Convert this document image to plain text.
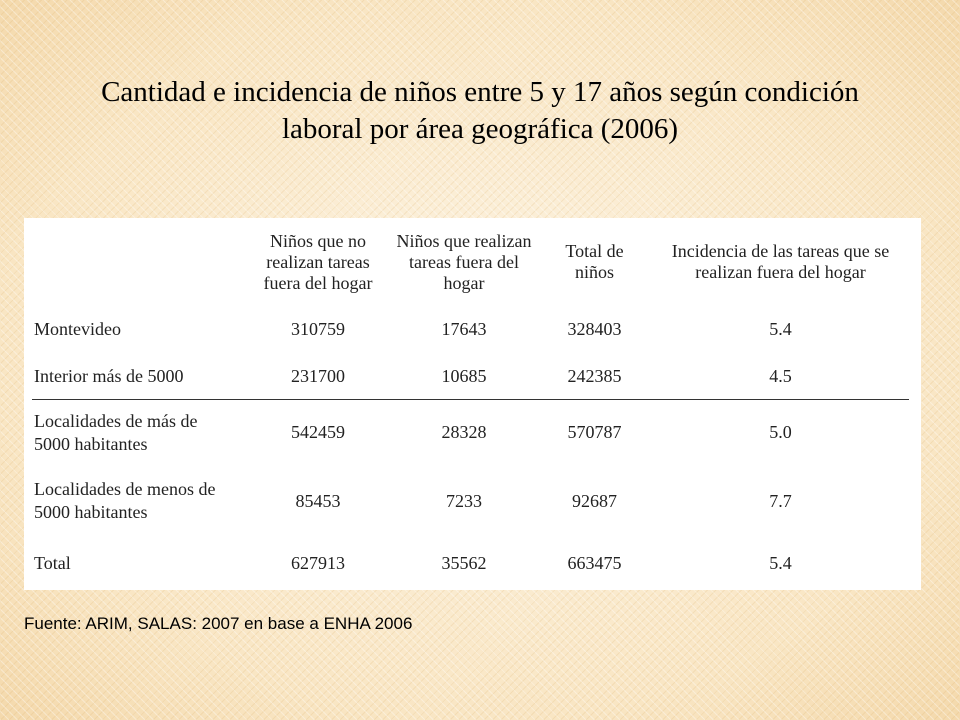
Cantidad e incidencia de niños entre 5 y 17 años según condición
laboral por área geográfica (2006)
	Niños que no realizan tareas fuera del hogar	Niños que realizan tareas fuera del hogar	Total de niños	Incidencia de las tareas que se realizan fuera del hogar
Montevideo	310759	17643	328403	5.4
Interior más de 5000	231700	10685	242385	4.5
Localidades de más de 5000 habitantes	542459	28328	570787	5.0
Localidades de menos de 5000 habitantes	85453	7233	92687	7.7
Total	627913	35562	663475	5.4

Fuente: ARIM, SALAS: 2007 en base a ENHA 2006
